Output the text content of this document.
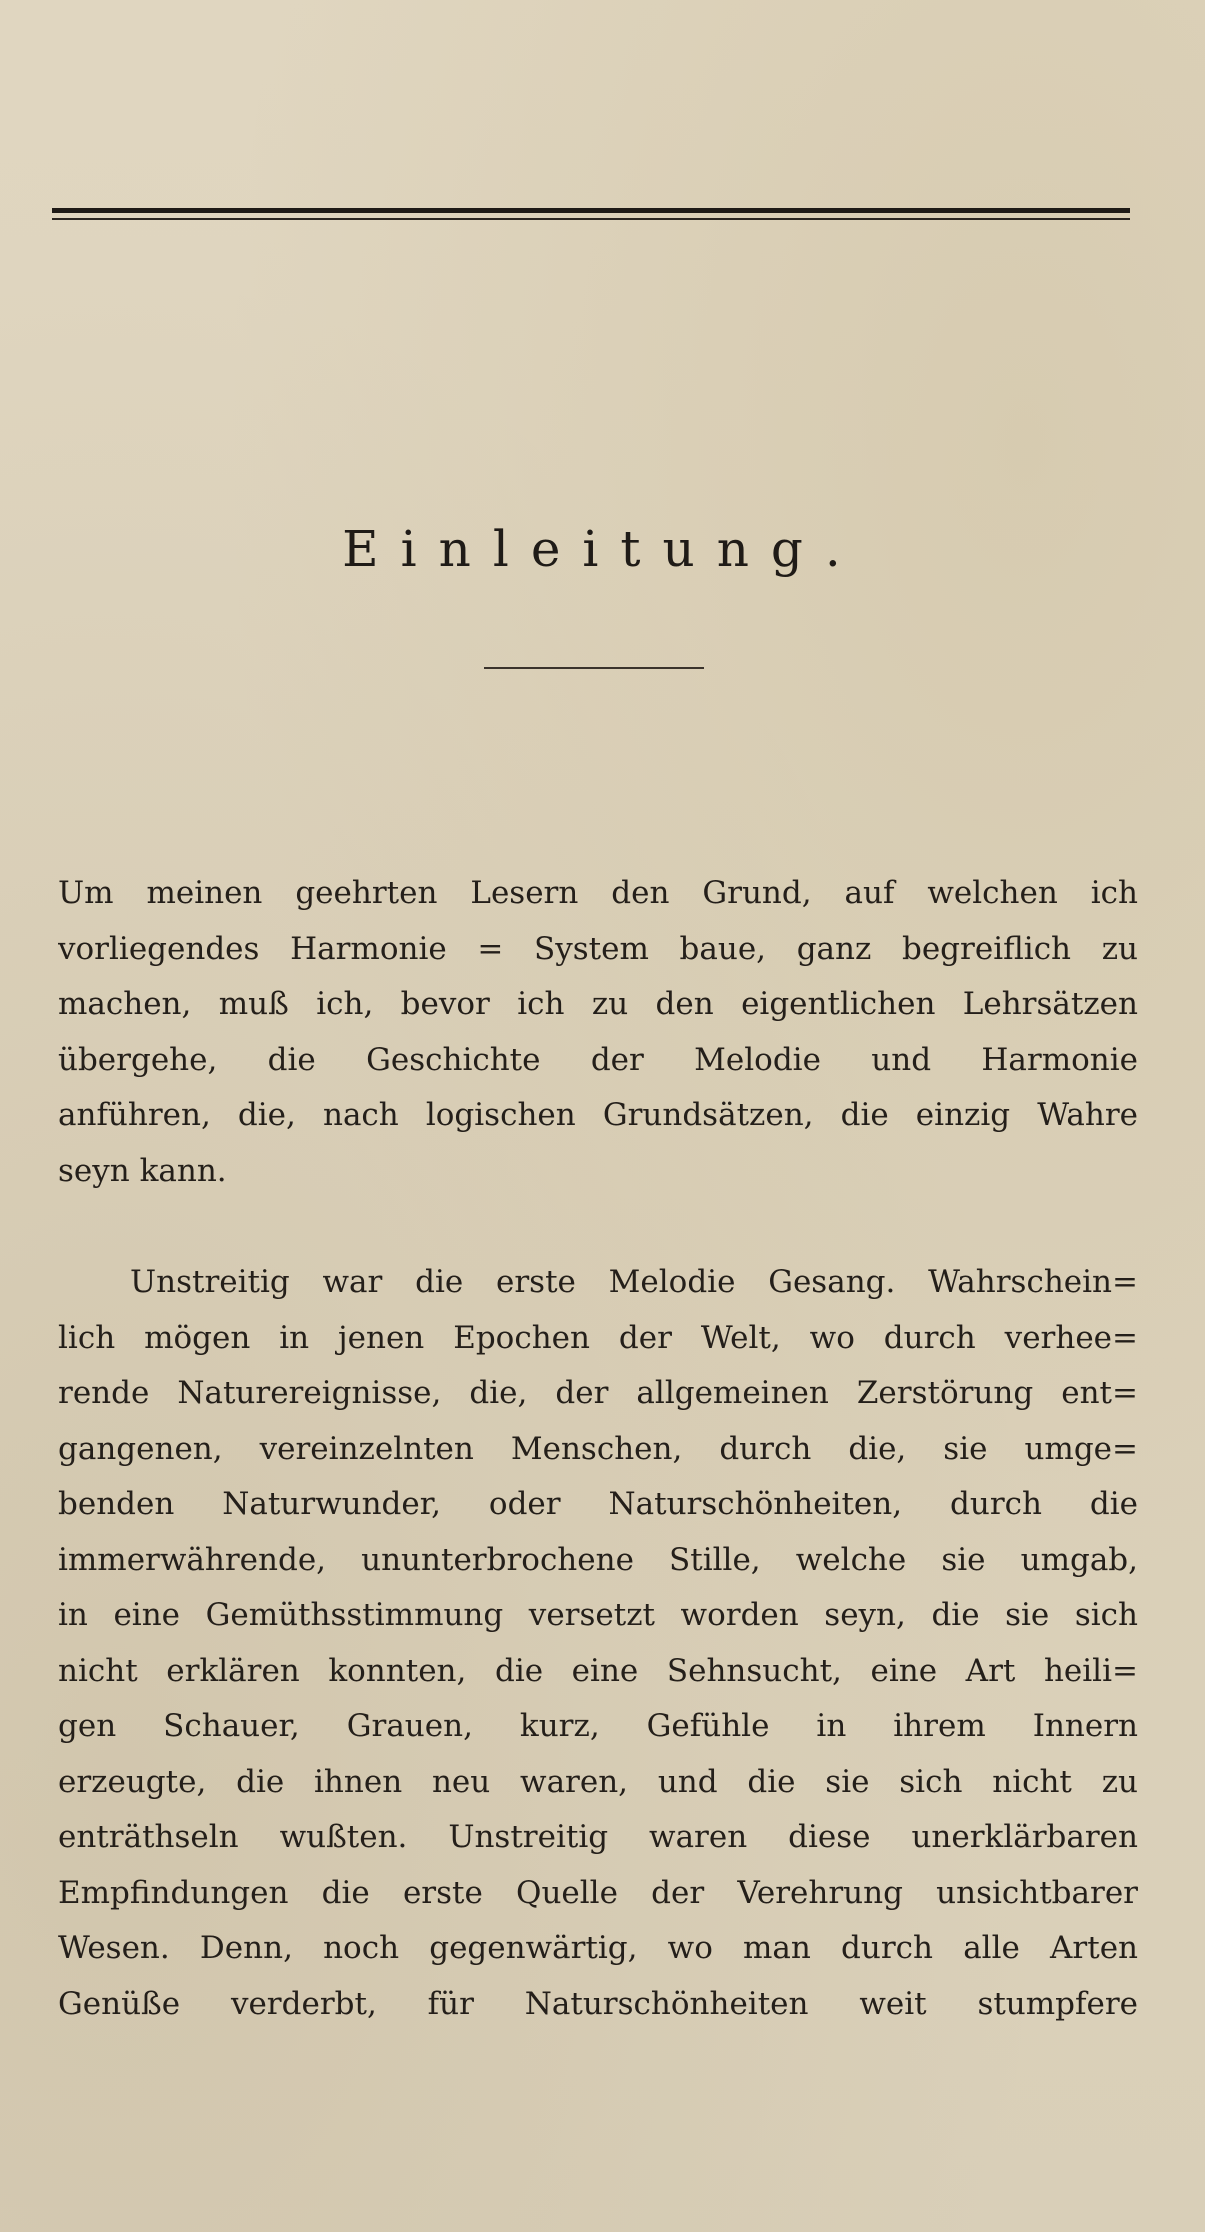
Einleitung.
Um meinen geehrten Lesern den Grund, auf welchen ich
vorliegendes Harmonie = System baue, ganz begreiflich zu
machen, muß ich, bevor ich zu den eigentlichen Lehrsätzen
übergehe, die Geschichte der Melodie und Harmonie
anführen, die, nach logischen Grundsätzen, die einzig Wahre
seyn kann.
Unstreitig war die erste Melodie Gesang. Wahrschein=
lich mögen in jenen Epochen der Welt, wo durch verhee=
rende Naturereignisse, die, der allgemeinen Zerstörung ent=
gangenen, vereinzelnten Menschen, durch die, sie umge=
benden Naturwunder, oder Naturschönheiten, durch die
immerwährende, ununterbrochene Stille, welche sie umgab,
in eine Gemüthsstimmung versetzt worden seyn, die sie sich
nicht erklären konnten, die eine Sehnsucht, eine Art heili=
gen Schauer, Grauen, kurz, Gefühle in ihrem Innern
erzeugte, die ihnen neu waren, und die sie sich nicht zu
enträthseln wußten. Unstreitig waren diese unerklärbaren
Empfindungen die erste Quelle der Verehrung unsichtbarer
Wesen. Denn, noch gegenwärtig, wo man durch alle Arten
Genüße verderbt, für Naturschönheiten weit stumpfere
